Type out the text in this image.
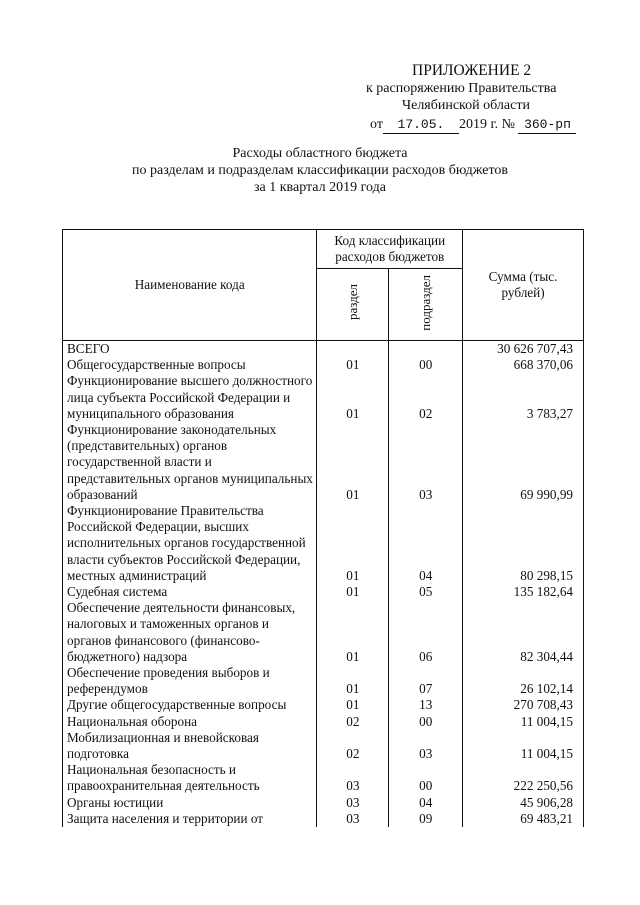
ПРИЛОЖЕНИЕ 2
к распоряжению Правительства
Челябинской области
от 17.05. 2019 г. № 360-рп
Расходы областного бюджета
по разделам и подразделам классификации расходов бюджетов
за 1 квартал 2019 года
Наименование кода	Код классификации расходов бюджетов		Сумма (тыс. рублей)
	раздел	подраздел	
ВСЕГО			30 626 707,43
Общегосударственные вопросы	01	00	668 370,06
Функционирование высшего должностного лица субъекта Российской Федерации и муниципального образования	01	02	3 783,27
Функционирование законодательных (представительных) органов государственной власти и представительных органов муниципальных образований	01	03	69 990,99
Функционирование Правительства Российской Федерации, высших исполнительных органов государственной власти субъектов Российской Федерации, местных администраций	01	04	80 298,15
Судебная система	01	05	135 182,64
Обеспечение деятельности финансовых, налоговых и таможенных органов и органов финансового (финансово-бюджетного) надзора	01	06	82 304,44
Обеспечение проведения выборов и референдумов	01	07	26 102,14
Другие общегосударственные вопросы	01	13	270 708,43
Национальная оборона	02	00	11 004,15
Мобилизационная и вневойсковая подготовка	02	03	11 004,15
Национальная безопасность и правоохранительная деятельность	03	00	222 250,56
Органы юстиции	03	04	45 906,28
Защита населения и территории от	03	09	69 483,21
